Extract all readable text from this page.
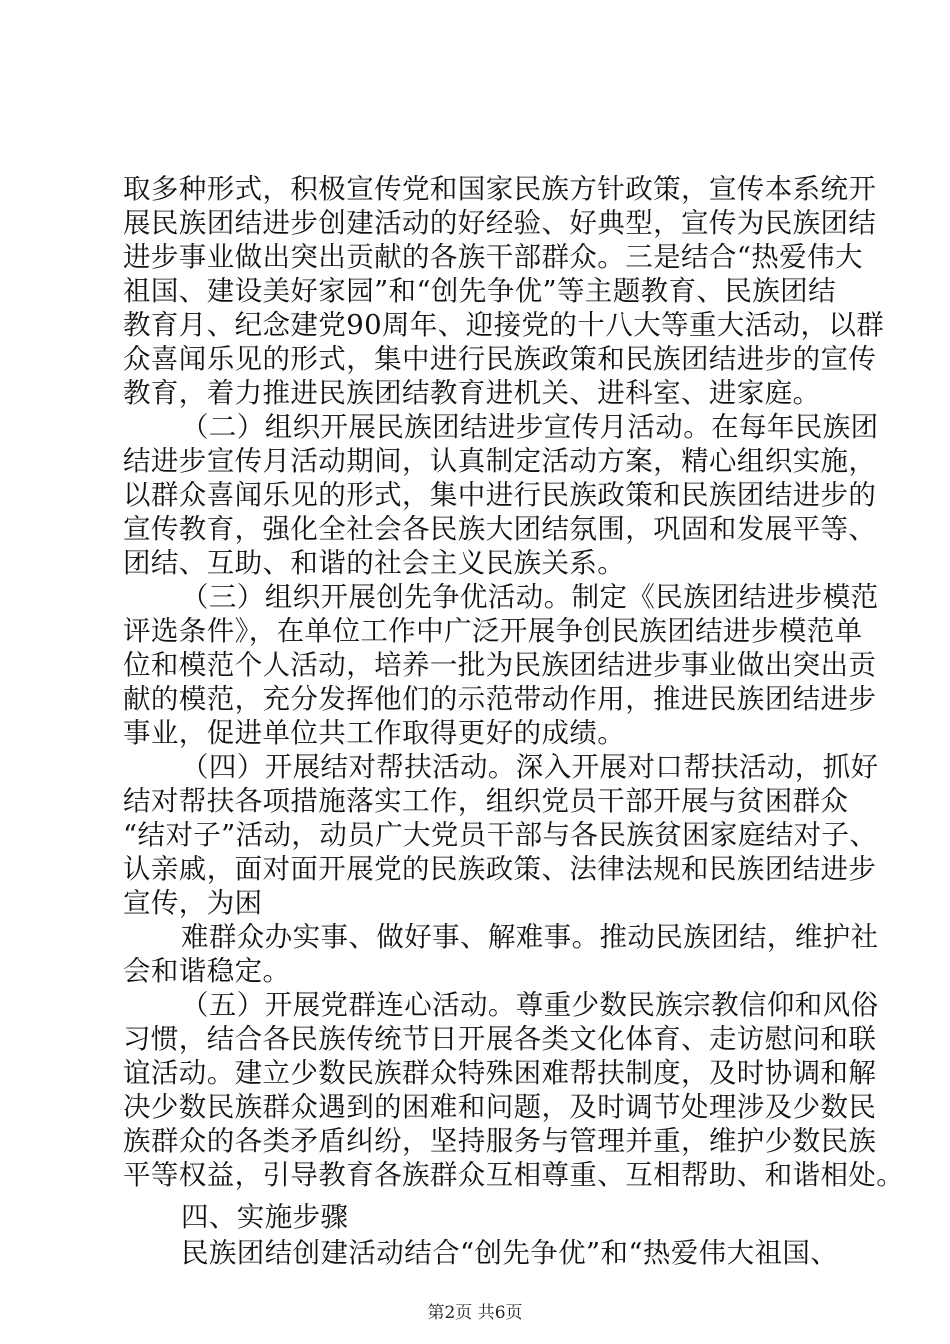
取多种形式，积极宣传党和国家民族方针政策，宣传本系统开
展民族团结进步创建活动的好经验、好典型，宣传为民族团结
进步事业做出突出贡献的各族干部群众。三是结合“热爱伟大
祖国、建设美好家园”和“创先争优”等主题教育、民族团结
教育月、纪念建党90周年、迎接党的十八大等重大活动，以群
众喜闻乐见的形式，集中进行民族政策和民族团结进步的宣传
教育，着力推进民族团结教育进机关、进科室、进家庭。
（二）组织开展民族团结进步宣传月活动。在每年民族团
结进步宣传月活动期间，认真制定活动方案，精心组织实施，
以群众喜闻乐见的形式，集中进行民族政策和民族团结进步的
宣传教育，强化全社会各民族大团结氛围，巩固和发展平等、
团结、互助、和谐的社会主义民族关系。
（三）组织开展创先争优活动。制定《民族团结进步模范
评选条件》，在单位工作中广泛开展争创民族团结进步模范单
位和模范个人活动，培养一批为民族团结进步事业做出突出贡
献的模范，充分发挥他们的示范带动作用，推进民族团结进步
事业，促进单位共工作取得更好的成绩。
（四）开展结对帮扶活动。深入开展对口帮扶活动，抓好
结对帮扶各项措施落实工作，组织党员干部开展与贫困群众
“结对子”活动，动员广大党员干部与各民族贫困家庭结对子、
认亲戚，面对面开展党的民族政策、法律法规和民族团结进步
宣传，为困
难群众办实事、做好事、解难事。推动民族团结，维护社
会和谐稳定。
（五）开展党群连心活动。尊重少数民族宗教信仰和风俗
习惯，结合各民族传统节日开展各类文化体育、走访慰问和联
谊活动。建立少数民族群众特殊困难帮扶制度，及时协调和解
决少数民族群众遇到的困难和问题，及时调节处理涉及少数民
族群众的各类矛盾纠纷，坚持服务与管理并重，维护少数民族
平等权益，引导教育各族群众互相尊重、互相帮助、和谐相处。
四、实施步骤
民族团结创建活动结合“创先争优”和“热爱伟大祖国、
第2页 共6页
